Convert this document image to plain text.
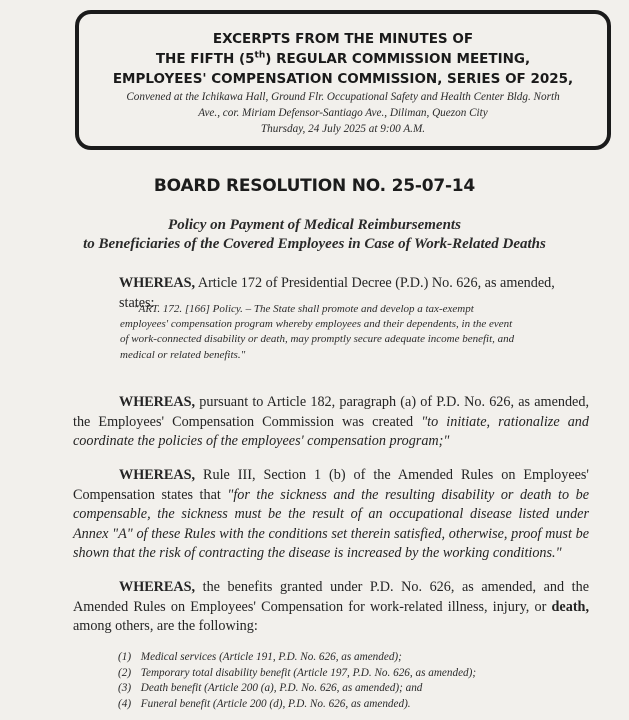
EXCERPTS FROM THE MINUTES OF
THE FIFTH (5th) REGULAR COMMISSION MEETING,
EMPLOYEES' COMPENSATION COMMISSION, SERIES OF 2025,
Convened at the Ichikawa Hall, Ground Flr. Occupational Safety and Health Center Bldg. North
Ave., cor. Miriam Defensor-Santiago Ave., Diliman, Quezon City
Thursday, 24 July 2025 at 9:00 A.M.
BOARD RESOLUTION NO. 25-07-14
Policy on Payment of Medical Reimbursements
to Beneficiaries of the Covered Employees in Case of Work-Related Deaths
WHEREAS, Article 172 of Presidential Decree (P.D.) No. 626, as amended, states:
"ART. 172. [166] Policy. – The State shall promote and develop a tax-exempt
employees' compensation program whereby employees and their dependents, in the event
of work-connected disability or death, may promptly secure adequate income benefit, and
medical or related benefits."
WHEREAS, pursuant to Article 182, paragraph (a) of P.D. No. 626, as amended, the Employees' Compensation Commission was created "to initiate, rationalize and coordinate the policies of the employees' compensation program;"
WHEREAS, Rule III, Section 1 (b) of the Amended Rules on Employees' Compensation states that "for the sickness and the resulting disability or death to be compensable, the sickness must be the result of an occupational disease listed under Annex "A" of these Rules with the conditions set therein satisfied, otherwise, proof must be shown that the risk of contracting the disease is increased by the working conditions."
WHEREAS, the benefits granted under P.D. No. 626, as amended, and the Amended Rules on Employees' Compensation for work-related illness, injury, or death, among others, are the following:
(1) Medical services (Article 191, P.D. No. 626, as amended);
(2) Temporary total disability benefit (Article 197, P.D. No. 626, as amended);
(3) Death benefit (Article 200 (a), P.D. No. 626, as amended); and
(4) Funeral benefit (Article 200 (d), P.D. No. 626, as amended).
